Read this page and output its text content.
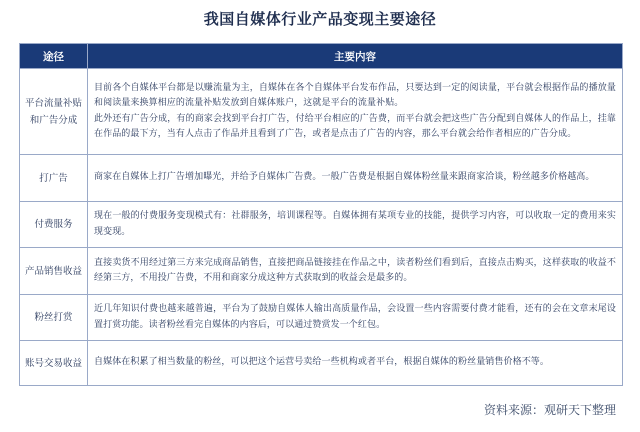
我国自媒体行业产品变现主要途径
途径	主要内容
平台流量补贴和广告分成	目前各个自媒体平台都是以赚流量为主，自媒体在各个自媒体平台发布作品，只要达到一定的阅读量，平台就会根据作品的播放量和阅读量来换算相应的流量补贴发放到自媒体账户，这就是平台的流量补贴。
此外还有广告分成，有的商家会找到平台打广告，付给平台相应的广告费，而平台就会把这些广告分配到自媒体人的作品上，挂靠在作品的最下方，当有人点击了作品并且看到了广告，或者是点击了广告的内容，那么平台就会给作者相应的广告分成。

打广告	商家在自媒体上打广告增加曝光，并给予自媒体广告费。一般广告费是根据自媒体粉丝量来跟商家洽谈，粉丝越多价格越高。

付费服务	现在一般的付费服务变现模式有：社群服务，培训课程等。自媒体拥有某项专业的技能，提供学习内容，可以收取一定的费用来实现变现。

产品销售收益	直接卖货不用经过第三方来完成商品销售，直接把商品链接挂在作品之中，读者粉丝们看到后，直接点击购买，这样获取的收益不经第三方，不用投广告费，不用和商家分成这种方式获取到的收益会是最多的。

粉丝打赏	近几年知识付费也越来越普遍，平台为了鼓励自媒体人输出高质量作品，会设置一些内容需要付费才能看，还有的会在文章末尾设置打赏功能。读者粉丝看完自媒体的内容后，可以通过赞赏发一个红包。

账号交易收益	自媒体在积累了相当数量的粉丝，可以把这个运营号卖给一些机构或者平台，根据自媒体的粉丝量销售价格不等。
资料来源：观研天下整理
